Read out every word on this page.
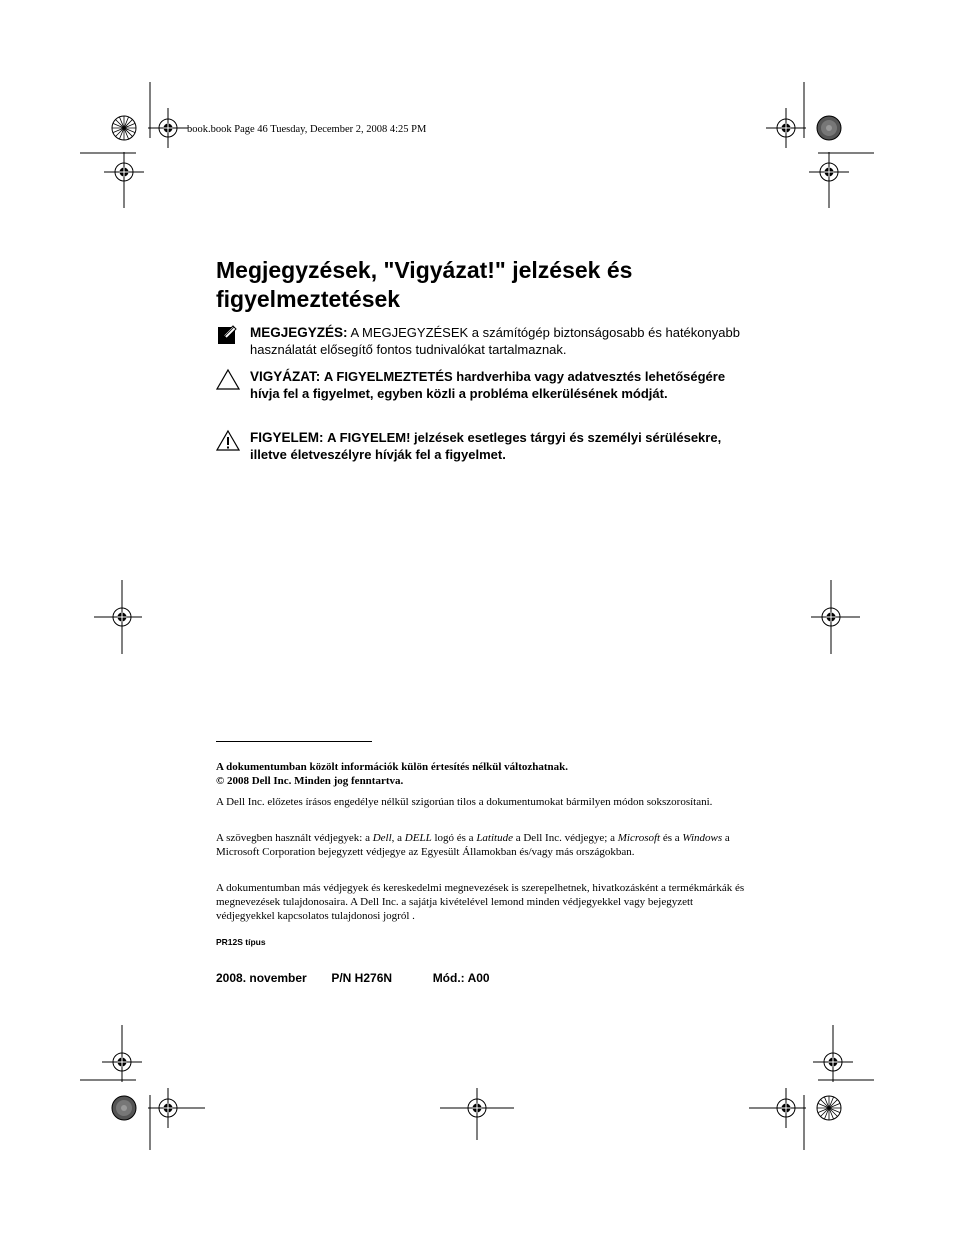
book.book Page 46 Tuesday, December 2, 2008 4:25 PM
Megjegyzések, "Vigyázat!" jelzések és figyelmeztetések
MEGJEGYZÉS: A MEGJEGYZÉSEK a számítógép biztonságosabb és hatékonyabb használatát elősegítő fontos tudnivalókat tartalmaznak.
VIGYÁZAT: A FIGYELMEZTETÉS hardverhiba vagy adatvesztés lehetőségére hívja fel a figyelmet, egyben közli a probléma elkerülésének módját.
FIGYELEM: A FIGYELEM! jelzések esetleges tárgyi és személyi sérülésekre, illetve életveszélyre hívják fel a figyelmet.

A dokumentumban közölt információk külön értesítés nélkül változhatnak.

© 2008 Dell Inc. Minden jog fenntartva.

A Dell Inc. előzetes írásos engedélye nélkül szigorúan tilos a dokumentumokat bármilyen módon sokszorosítani.

A szövegben használt védjegyek: a Dell, a DELL logó és a Latitude a Dell Inc. védjegye; a Microsoft és a Windows a Microsoft Corporation bejegyzett védjegye az Egyesült Államokban és/vagy más országokban.

A dokumentumban más védjegyek és kereskedelmi megnevezések is szerepelhetnek, hivatkozásként a termékmárkák és megnevezések tulajdonosaira. A Dell Inc. a sajátja kivételével lemond minden védjegyekkel vagy bejegyzett védjegyekkel kapcsolatos tulajdonosi jogról .

PR12S típus
2008. november P/N H276N	Mód.: A00
